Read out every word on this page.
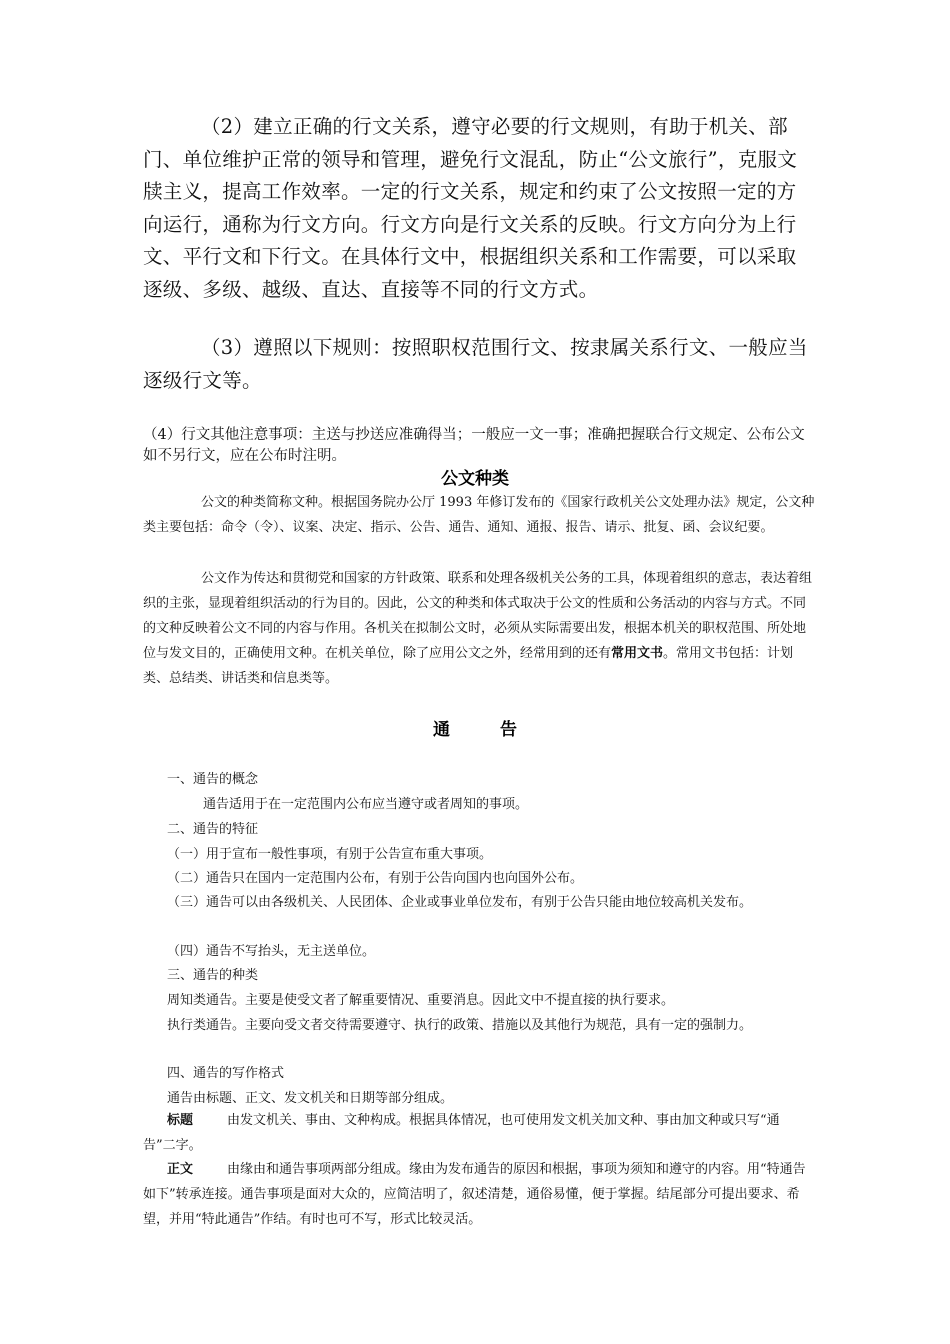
（2）建立正确的行文关系，遵守必要的行文规则，有助于机关、部门、单位维护正常的领导和管理，避免行文混乱，防止“公文旅行”，克服文牍主义，提高工作效率。一定的行文关系，规定和约束了公文按照一定的方向运行，通称为行文方向。行文方向是行文关系的反映。行文方向分为上行文、平行文和下行文。在具体行文中，根据组织关系和工作需要，可以采取逐级、多级、越级、直达、直接等不同的行文方式。

（3）遵照以下规则：按照职权范围行文、按隶属关系行文、一般应当逐级行文等。

（4）行文其他注意事项：主送与抄送应准确得当；一般应一文一事；准确把握联合行文规定、公布公文如不另行文，应在公布时注明。

公文种类

公文的种类简称文种。根据国务院办公厅 1993 年修订发布的《国家行政机关公文处理办法》规定，公文种类主要包括：命令（令）、议案、决定、指示、公告、通告、通知、通报、报告、请示、批复、函、会议纪要。

公文作为传达和贯彻党和国家的方针政策、联系和处理各级机关公务的工具，体现着组织的意志，表达着组织的主张，显现着组织活动的行为目的。因此，公文的种类和体式取决于公文的性质和公务活动的内容与方式。不同的文种反映着公文不同的内容与作用。各机关在拟制公文时，必须从实际需要出发，根据本机关的职权范围、所处地位与发文目的，正确使用文种。在机关单位，除了应用公文之外，经常用到的还有常用文书。常用文书包括：计划类、总结类、讲话类和信息类等。

通 告
一、通告的概念
通告适用于在一定范围内公布应当遵守或者周知的事项。
二、通告的特征
（一）用于宣布一般性事项，有别于公告宣布重大事项。
（二）通告只在国内一定范围内公布，有别于公告向国内也向国外公布。
（三）通告可以由各级机关、人民团体、企业或事业单位发布，有别于公告只能由地位较高机关发布。
（四）通告不写抬头，无主送单位。
三、通告的种类
周知类通告。主要是使受文者了解重要情况、重要消息。因此文中不提直接的执行要求。
执行类通告。主要向受文者交待需要遵守、执行的政策、措施以及其他行为规范，具有一定的强制力。
四、通告的写作格式
通告由标题、正文、发文机关和日期等部分组成。

标题	由发文机关、事由、文种构成。根据具体情况，也可使用发文机关加文种、事由加文种或只写“通告”二字。

正文	由缘由和通告事项两部分组成。缘由为发布通告的原因和根据，事项为须知和遵守的内容。用“特通告如下”转承连接。通告事项是面对大众的，应简洁明了，叙述清楚，通俗易懂，便于掌握。结尾部分可提出要求、希望，并用“特此通告”作结。有时也可不写，形式比较灵活。
